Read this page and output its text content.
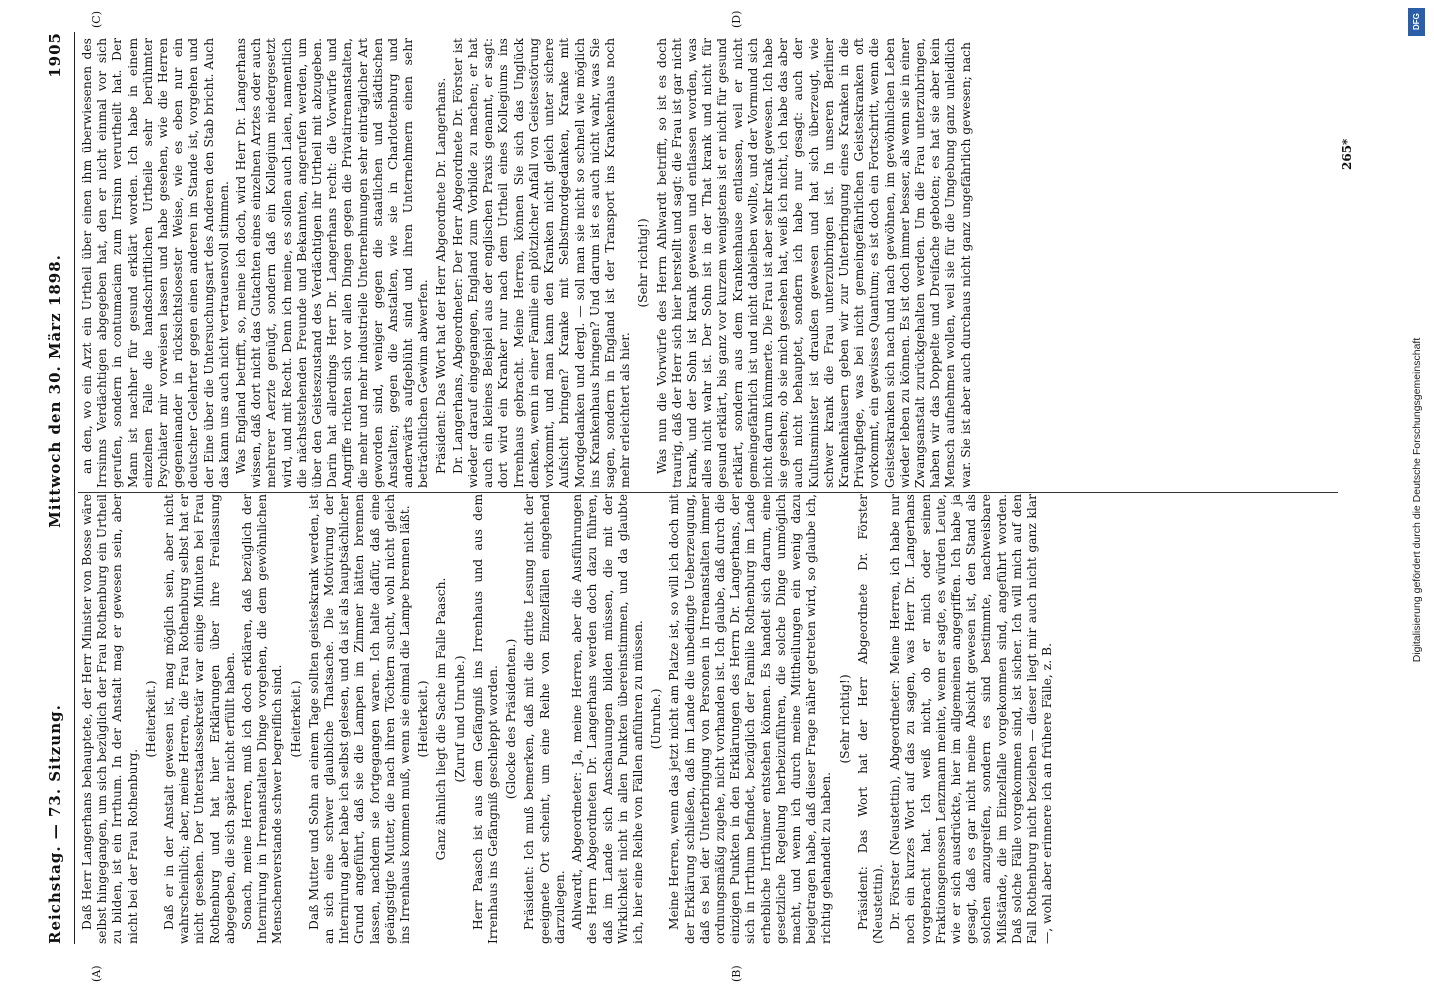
Reichstag. — 73. Sitzung.
Mittwoch den 30. März 1898.
1905
(A)	(B)
(C)	(D)

Daß Herr Langerhans behauptete, der Herr Minister von Bosse wäre selbst hingegangen, um sich bezüglich der Frau Rothenburg ein Urtheil zu bilden, ist ein Irrthum. In der Anstalt mag er gewesen sein, aber nicht bei der Frau Rothenburg.

(Heiterkeit.) Daß er in der Anstalt gewesen ist, mag möglich sein, aber nicht wahrscheinlich; aber, meine Herren, die Frau Rothenburg selbst hat er nicht gesehen. Der Unterstaatssekretär war einige Minuten bei Frau Rothenburg und hat hier Erklärungen über ihre Freilassung abgegeben, die sich später nicht erfüllt haben. Sonach, meine Herren, muß ich doch erklären, daß bezüglich der Internirung in Irrenanstalten Dinge vorgehen, die dem gewöhnlichen Menschenverstande schwer begreiflich sind. (Heiterkeit.) Daß Mutter und Sohn an einem Tage sollten geisteskrank werden, ist an sich eine schwer glaubliche Thatsache. Die Motivirung der Internirung aber habe ich selbst gelesen, und da ist als hauptsächlicher Grund angeführt, daß sie die Lampen im Zimmer hätten brennen lassen, nachdem sie fortgegangen waren. Ich halte dafür, daß eine geängstigte Mutter, die nach ihren Töchtern sucht, wohl nicht gleich ins Irrenhaus kommen muß, wenn sie einmal die Lampe brennen läßt. (Heiterkeit.) Ganz ähnlich liegt die Sache im Falle Paasch. (Zuruf und Unruhe.) Herr Paasch ist aus dem Gefängniß ins Irrenhaus und aus dem Irrenhaus ins Gefängniß geschleppt worden. (Glocke des Präsidenten.) Präsident: Ich muß bemerken, daß mit die dritte Lesung nicht der geeignete Ort scheint, um eine Reihe von Einzelfällen eingehend darzulegen. Ahlwardt, Abgeordneter: Ja, meine Herren, aber die Ausführungen des Herrn Abgeordneten Dr. Langerhans werden doch dazu führen, daß im Lande sich Anschauungen bilden müssen, die mit der Wirklichkeit nicht in allen Punkten übereinstimmen, und da glaubte ich, hier eine Reihe von Fällen anführen zu müssen. (Unruhe.) Meine Herren, wenn das jetzt nicht am Platze ist, so will ich doch mit der Erklärung schließen, daß im Lande die unbedingte Ueberzeugung, daß es bei der Unterbringung von Personen in Irrenanstalten immer ordnungsmäßig zugehe, nicht vorhanden ist. Ich glaube, daß durch die einzigen Punkten in den Erklärungen des Herrn Dr. Langerhans, der sich in Irrthum befindet, bezüglich der Familie Rothenburg im Lande erhebliche Irrthümer entstehen können. Es handelt sich darum, eine gesetzliche Regelung herbeizuführen, die solche Dinge unmöglich macht, und wenn ich durch meine Mittheilungen ein wenig dazu beigetragen habe, daß dieser Frage näher getreten wird, so glaube ich, richtig gehandelt zu haben.

(Sehr richtig!) Präsident: Das Wort hat der Herr Abgeordnete Dr. Förster (Neustettin). Dr. Förster (Neustettin), Abgeordneter: Meine Herren, ich habe nur noch ein kurzes Wort auf das zu sagen, was Herr Dr. Langerhans vorgebracht hat. Ich weiß nicht, ob er mich oder seinen Fraktionsgenossen Lenzmann meinte, wenn er sagte, es würden Leute, wie er sich ausdrückte, hier im allgemeinen angegriffen. Ich habe ja gesagt, daß es gar nicht meine Absicht gewesen ist, den Stand als solchen anzugreifen, sondern es sind bestimmte, nachweisbare Mißstände, die im Einzelfalle vorgekommen sind, angeführt worden. Daß solche Fälle vorgekommen sind, ist sicher. Ich will mich auf den Fall Rothenburg nicht beziehen — dieser liegt mir auch nicht ganz klar —, wohl aber erinnere ich an frühere Fälle, z. B.

an den, wo ein Arzt ein Urtheil über einen ihm überwiesenen des Irrsinns Verdächtigen abgegeben hat, den er nicht einmal vor sich gerufen, sondern in contumaciam zum Irrsinn verurtheilt hat. Der Mann ist nachher für gesund erklärt worden. Ich habe in einem einzelnen Falle die handschriftlichen Urtheile sehr berühmter Psychiater mir vorweisen lassen und habe gesehen, wie die Herren gegeneinander in rücksichtslosester Weise, wie es eben nur ein deutscher Gelehrter gegen einen anderen im Stande ist, vorgehen und der Eine über die Untersuchungsart des Anderen den Stab bricht. Auch das kann uns auch nicht vertrauensvoll stimmen. Was England betrifft, so, meine ich doch, wird Herr Dr. Langerhans wissen, daß dort nicht das Gutachten eines einzelnen Arztes oder auch mehrerer Aerzte genügt, sondern daß ein Kollegium niedergesetzt wird, und mit Recht. Denn ich meine, es sollen auch Laien, namentlich die nächststehenden Freunde und Bekannten, angerufen werden, um über den Geisteszustand des Verdächtigen ihr Urtheil mit abzugeben. Darin hat allerdings Herr Dr. Langerhans recht: die Vorwürfe und Angriffe richten sich vor allen Dingen gegen die Privatirrenanstalten, die mehr und mehr industrielle Unternehmungen sehr einträglicher Art geworden sind, weniger gegen die staatlichen und städtischen Anstalten; gegen die Anstalten, wie sie in Charlottenburg und anderwärts aufgeblüht sind und ihren Unternehmern einen sehr beträchtlichen Gewinn abwerfen. Präsident: Das Wort hat der Herr Abgeordnete Dr. Langerhans. Dr. Langerhans, Abgeordneter: Der Herr Abgeordnete Dr. Förster ist wieder darauf eingegangen, England zum Vorbilde zu machen; er hat auch ein kleines Beispiel aus der englischen Praxis genannt, er sagt: dort wird ein Kranker nur nach dem Urtheil eines Kollegiums ins Irrenhaus gebracht. Meine Herren, können Sie sich das Unglück denken, wenn in einer Familie ein plötzlicher Anfall von Geistesstörung vorkommt, und man kann den Kranken nicht gleich unter sichere Aufsicht bringen? Kranke mit Selbstmordgedanken, Kranke mit Mordgedanken und dergl. — soll man sie nicht so schnell wie möglich ins Krankenhaus bringen? Und darum ist es auch nicht wahr, was Sie sagen, sondern in England ist der Transport ins Krankenhaus noch mehr erleichtert als hier.

(Sehr richtig!) Was nun die Vorwürfe des Herrn Ahlwardt betrifft, so ist es doch traurig, daß der Herr sich hier herstellt und sagt: die Frau ist gar nicht krank, und der Sohn ist krank gewesen und entlassen worden, was alles nicht wahr ist. Der Sohn ist in der That krank und nicht für gesund erklärt, bis ganz vor kurzem wenigstens ist er nicht für gesund erklärt, sondern aus dem Krankenhause entlassen, weil er nicht gemeingefährlich ist und nicht dableiben wollte, und der Vormund sich nicht darum kümmerte. Die Frau ist aber sehr krank gewesen. Ich habe sie gesehen; ob sie mich gesehen hat, weiß ich nicht, ich habe das aber auch nicht behauptet, sondern ich habe nur gesagt: auch der Kultusminister ist draußen gewesen und hat sich überzeugt, wie schwer krank die Frau unterzubringen ist. In unseren Berliner Krankenhäusern geben wir zur Unterbringung eines Kranken in die Privatpflege, was bei nicht gemeingefährlichen Geisteskranken oft vorkommt, ein gewisses Quantum; es ist doch ein Fortschritt, wenn die Geisteskranken sich nach und nach gewöhnen, im gewöhnlichen Leben wieder leben zu können. Es ist doch immer besser, als wenn sie in einer Zwangsanstalt zurückgehalten werden. Um die Frau unterzubringen, haben wir das Doppelte und Dreifache geboten; es hat sie aber kein Mensch aufnehmen wollen, weil sie für die Umgebung ganz unleidlich war. Sie ist aber auch durchaus nicht ganz ungefährlich gewesen; nach	265*
DFG
Digitalisierung gefördert durch die Deutsche Forschungsgemeinschaft
